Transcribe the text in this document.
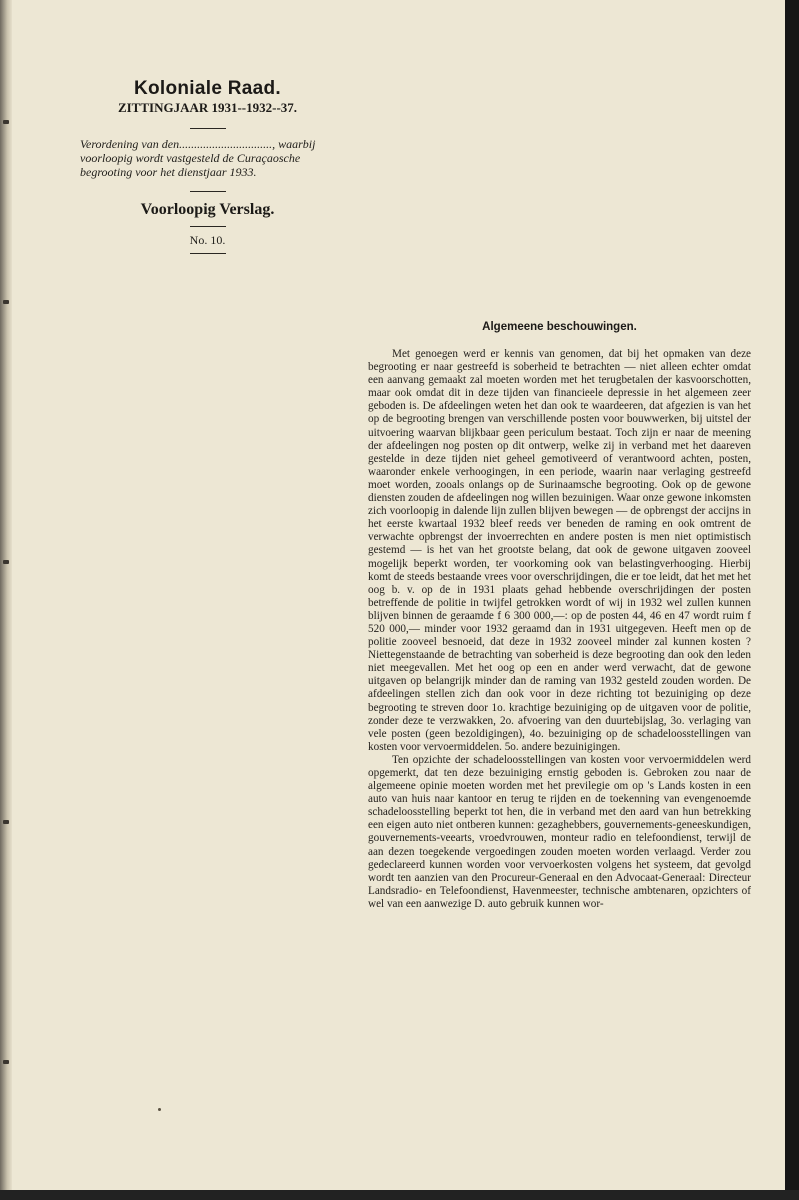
Koloniale Raad.

ZITTINGJAAR 1931--1932--37.

Verordening van den..............................., waarbij voorloopig wordt vastgesteld de Curaçaosche begrooting voor het dienstjaar 1933.

Voorloopig Verslag.

No. 10.

Algemeene beschouwingen.

Met genoegen werd er kennis van genomen, dat bij het opmaken van deze begrooting er naar gestreefd is soberheid te betrachten — niet alleen echter omdat een aanvang gemaakt zal moeten worden met het terugbetalen der kasvoorschotten, maar ook omdat dit in deze tijden van financieele depressie in het algemeen zeer geboden is. De afdeelingen weten het dan ook te waardeeren, dat afgezien is van het op de begrooting brengen van verschillende posten voor bouwwerken, bij uitstel der uitvoering waarvan blijkbaar geen periculum bestaat. Toch zijn er naar de meening der afdeelingen nog posten op dit ontwerp, welke zij in verband met het daareven gestelde in deze tijden niet geheel gemotiveerd of verantwoord achten, posten, waaronder enkele verhoogingen, in een periode, waarin naar verlaging gestreefd moet worden, zooals onlangs op de Surinaamsche begrooting. Ook op de gewone diensten zouden de afdeelingen nog willen bezuinigen. Waar onze gewone inkomsten zich voorloopig in dalende lijn zullen blijven bewegen — de opbrengst der accijns in het eerste kwartaal 1932 bleef reeds ver beneden de raming en ook omtrent de verwachte opbrengst der invoerrechten en andere posten is men niet optimistisch gestemd — is het van het grootste belang, dat ook de gewone uitgaven zooveel mogelijk beperkt worden, ter voorkoming ook van belastingverhooging. Hierbij komt de steeds bestaande vrees voor overschrijdingen, die er toe leidt, dat het met het oog b. v. op de in 1931 plaats gehad hebbende overschrijdingen der posten betreffende de politie in twijfel getrokken wordt of wij in 1932 wel zullen kunnen blijven binnen de geraamde f 6 300 000,—: op de posten 44, 46 en 47 wordt ruim f 520 000,— minder voor 1932 geraamd dan in 1931 uitgegeven. Heeft men op de politie zooveel besnoeid, dat deze in 1932 zooveel minder zal kunnen kosten ? Niettegenstaande de betrachting van soberheid is deze begrooting dan ook den leden niet meegevallen. Met het oog op een en ander werd verwacht, dat de gewone uitgaven op belangrijk minder dan de raming van 1932 gesteld zouden worden. De afdeelingen stellen zich dan ook voor in deze richting tot bezuiniging op deze begrooting te streven door 1o. krachtige bezuiniging op de uitgaven voor de politie, zonder deze te verzwakken, 2o. afvoering van den duurtebijslag, 3o. verlaging van vele posten (geen bezoldigingen), 4o. bezuiniging op de schadeloosstellingen van kosten voor vervoermiddelen. 5o. andere bezuinigingen.

Ten opzichte der schadeloosstellingen van kosten voor vervoermiddelen werd opgemerkt, dat ten deze bezuiniging ernstig geboden is. Gebroken zou naar de algemeene opinie moeten worden met het previlegie om op 's Lands kosten in een auto van huis naar kantoor en terug te rijden en de toekenning van evengenoemde schadeloosstelling beperkt tot hen, die in verband met den aard van hun betrekking een eigen auto niet ontberen kunnen: gezaghebbers, gouvernements-geneeskundigen, gouvernements-veearts, vroedvrouwen, monteur radio en telefoondienst, terwijl de aan dezen toegekende vergoedingen zouden moeten worden verlaagd. Verder zou gedeclareerd kunnen worden voor vervoerkosten volgens het systeem, dat gevolgd wordt ten aanzien van den Procureur-Generaal en den Advocaat-Generaal: Directeur Landsradio- en Telefoondienst, Havenmeester, technische ambtenaren, opzichters of wel van een aanwezige D. auto gebruik kunnen wor-
